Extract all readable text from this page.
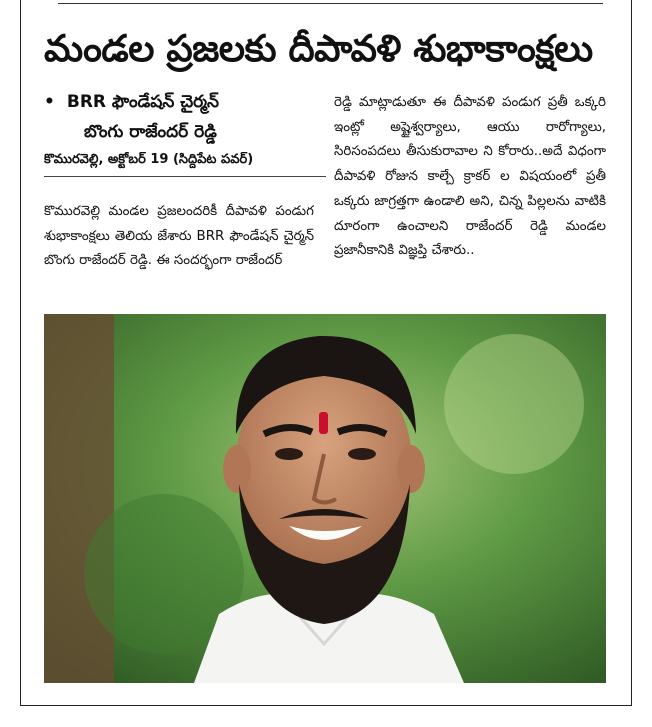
మండల ప్రజలకు దీపావళి శుభాకాంక్షలు
• BRR ఫౌండేషన్ చైర్మన్
బొంగు రాజేందర్ రెడ్డి
కొమురవెల్లి, అక్టోబర్ 19 (సిద్దిపేట పవర్)
కొమురవెల్లి మండల ప్రజలందరికీ దీపావళి పండుగ శుభాకాంక్షలు తెలియ జేశారు BRR ఫౌండేషన్ చైర్మన్ బొంగు రాజేందర్ రెడ్డి. ఈ సందర్భంగా రాజేందర్
రెడ్డి మాట్లాడుతూ ఈ దీపావళి పండుగ ప్రతీ ఒక్కరి ఇంట్లో అష్టైశ్వర్యాలు, ఆయు రారోగ్యాలు, సిరిసంపదలు తీసుకురావాల ని కోరారు..అదే విధంగా దీపావళి రోజున కాల్చే క్రాకర్ ల విషయంలో ప్రతీ ఒక్కరు జాగ్రత్తగా ఉండాలి అని, చిన్న పిల్లలను వాటికి దూరంగా ఉంచాలని రాజేందర్ రెడ్డి మండల ప్రజానీకానికి విజ్ఞప్తి చేశారు..
